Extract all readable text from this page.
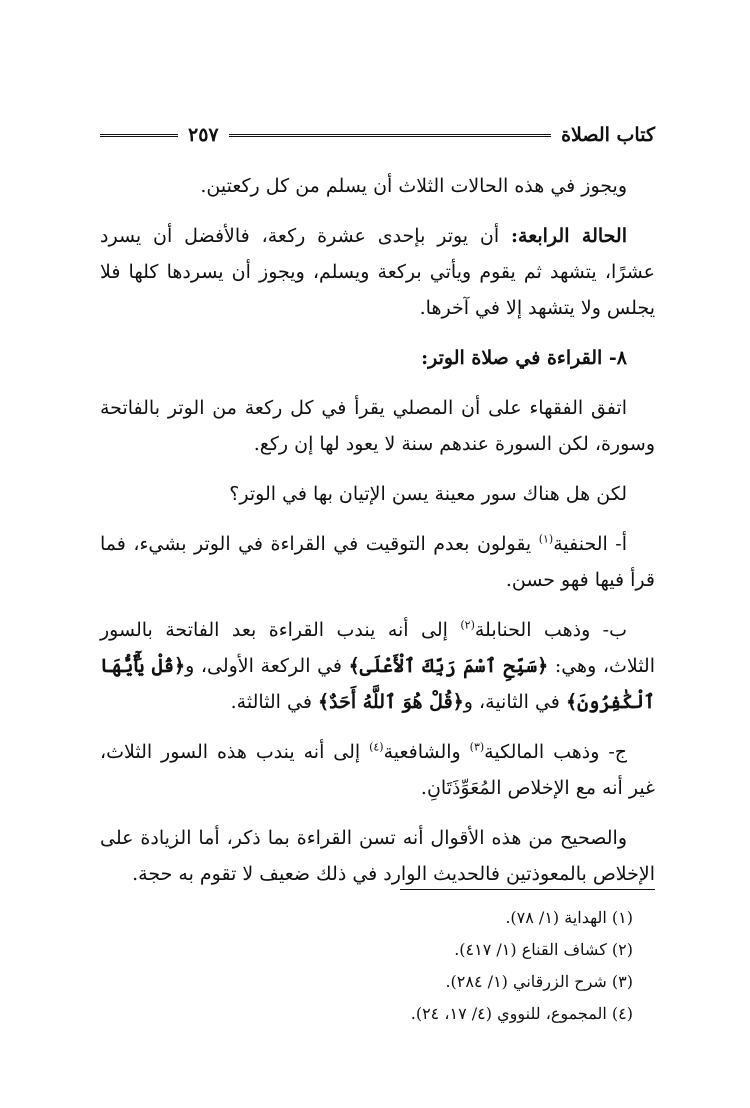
كتاب الصلاة
٢٥٧

ويجوز في هذه الحالات الثلاث أن يسلم من كل ركعتين.

الحالة الرابعة: أن يوتر بإحدى عشرة ركعة، فالأفضل أن يسرد عشرًا، يتشهد ثم يقوم ويأتي بركعة ويسلم، ويجوز أن يسردها كلها فلا يجلس ولا يتشهد إلا في آخرها.

٨- القراءة في صلاة الوتر:

اتفق الفقهاء على أن المصلي يقرأ في كل ركعة من الوتر بالفاتحة وسورة، لكن السورة عندهم سنة لا يعود لها إن ركع.

لكن هل هناك سور معينة يسن الإتيان بها في الوتر؟

أ- الحنفية$^{(١)}$ يقولون بعدم التوقيت في القراءة في الوتر بشيء، فما قرأ فيها فهو حسن.

ب- وذهب الحنابلة$^{(٢)}$ إلى أنه يندب القراءة بعد الفاتحة بالسور الثلاث، وهي: ﴿سَبِّحِ ٱسْمَ رَبِّكَ ٱلْأَعْلَى﴾ في الركعة الأولى، و﴿قُلْ يَٰٓأَيُّهَا ٱلْكَٰفِرُونَ﴾ في الثانية، و﴿قُلْ هُوَ ٱللَّهُ أَحَدٌ﴾ في الثالثة.

ج- وذهب المالكية$^{(٣)}$ والشافعية$^{(٤)}$ إلى أنه يندب هذه السور الثلاث، غير أنه مع الإخلاص المُعَوِّذَتَانِ.

والصحيح من هذه الأقوال أنه تسن القراءة بما ذكر، أما الزيادة على الإخلاص بالمعوذتين فالحديث الوارد في ذلك ضعيف لا تقوم به حجة.

(١) الهداية (١/ ٧٨).
(٢) كشاف القناع (١/ ٤١٧).
(٣) شرح الزرقاني (١/ ٢٨٤).
(٤) المجموع، للنووي (٤/ ١٧، ٢٤).
